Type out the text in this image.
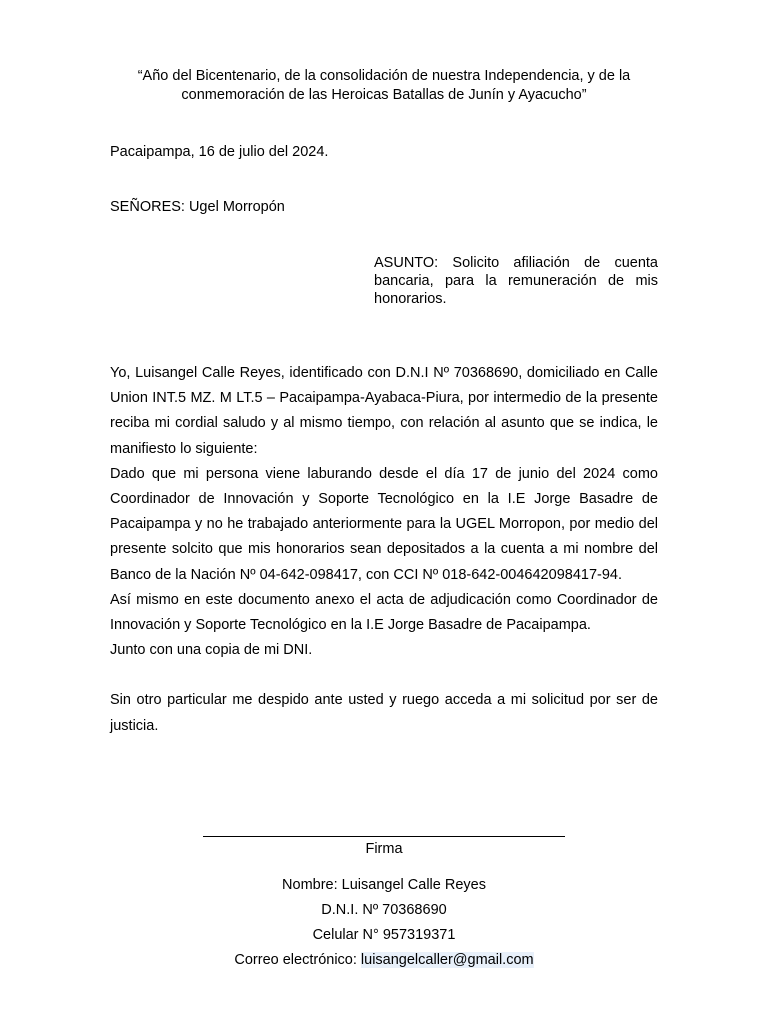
“Año del Bicentenario, de la consolidación de nuestra Independencia, y de la conmemoración de las Heroicas Batallas de Junín y Ayacucho”
Pacaipampa, 16 de julio del 2024.
SEÑORES: Ugel Morropón
ASUNTO: Solicito afiliación de cuenta bancaria, para la remuneración de mis honorarios.

Yo, Luisangel Calle Reyes, identificado con D.N.I Nº 70368690, domiciliado en Calle Union INT.5 MZ. M LT.5 – Pacaipampa-Ayabaca-Piura, por intermedio de la presente reciba mi cordial saludo y al mismo tiempo, con relación al asunto que se indica, le manifiesto lo siguiente:

Dado que mi persona viene laburando desde el día 17 de junio del 2024 como Coordinador de Innovación y Soporte Tecnológico en la I.E Jorge Basadre de Pacaipampa y no he trabajado anteriormente para la UGEL Morropon, por medio del presente solcito que mis honorarios sean depositados a la cuenta a mi nombre del Banco de la Nación Nº 04-642-098417, con CCI Nº 018-642-004642098417-94.

Así mismo en este documento anexo el acta de adjudicación como Coordinador de Innovación y Soporte Tecnológico en la I.E Jorge Basadre de Pacaipampa.

Junto con una copia de mi DNI.

Sin otro particular me despido ante usted y ruego acceda a mi solicitud por ser de justicia.

Firma
Nombre: Luisangel Calle Reyes
D.N.I. Nº 70368690
Celular N° 957319371
Correo electrónico: luisangelcaller@gmail.com
